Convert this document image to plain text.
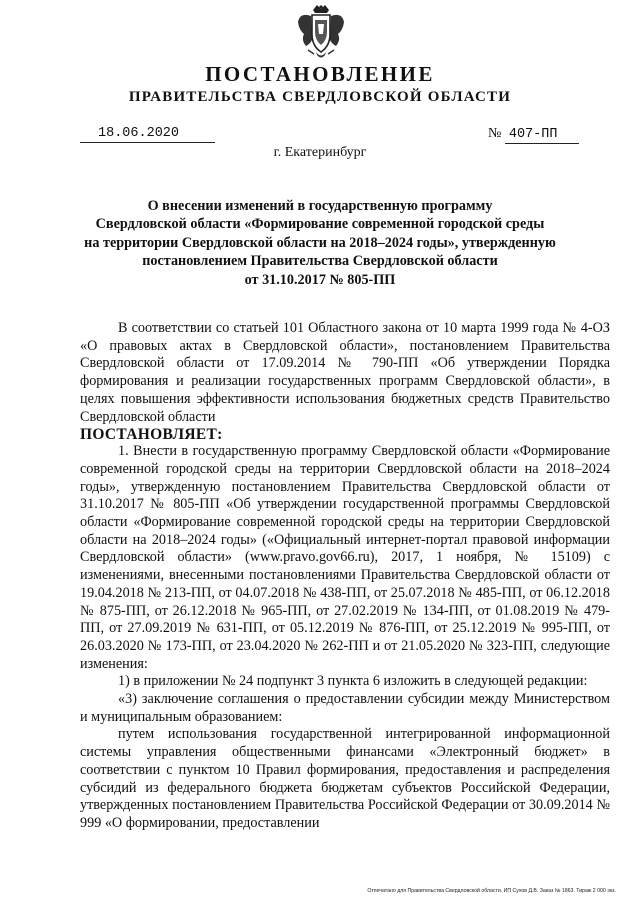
ПОСТАНОВЛЕНИЕ
ПРАВИТЕЛЬСТВА СВЕРДЛОВСКОЙ ОБЛАСТИ
18.06.2020	№ 407-ПП
г. Екатеринбург
О внесении изменений в государственную программу
Свердловской области «Формирование современной городской среды
на территории Свердловской области на 2018–2024 годы», утвержденную
постановлением Правительства Свердловской области
от 31.10.2017 № 805-ПП

В соответствии со статьей 101 Областного закона от 10 марта 1999 года № 4-ОЗ «О правовых актах в Свердловской области», постановлением Правительства Свердловской области от 17.09.2014 № 790-ПП «Об утверждении Порядка формирования и реализации государственных программ Свердловской области», в целях повышения эффективности использования бюджетных средств Правительство Свердловской области

ПОСТАНОВЛЯЕТ:

1. Внести в государственную программу Свердловской области «Формирование современной городской среды на территории Свердловской области на 2018–2024 годы», утвержденную постановлением Правительства Свердловской области от 31.10.2017 № 805-ПП «Об утверждении государственной программы Свердловской области «Формирование современной городской среды на территории Свердловской области на 2018–2024 годы» («Официальный интернет-портал правовой информации Свердловской области» (www.pravo.gov66.ru), 2017, 1 ноября, № 15109) с изменениями, внесенными постановлениями Правительства Свердловской области от 19.04.2018 № 213-ПП, от 04.07.2018 № 438-ПП, от 25.07.2018 № 485-ПП, от 06.12.2018 № 875-ПП, от 26.12.2018 № 965-ПП, от 27.02.2019 № 134-ПП, от 01.08.2019 № 479-ПП, от 27.09.2019 № 631-ПП, от 05.12.2019 № 876-ПП, от 25.12.2019 № 995-ПП, от 26.03.2020 № 173-ПП, от 23.04.2020 № 262-ПП и от 21.05.2020 № 323-ПП, следующие изменения:

1) в приложении № 24 подпункт 3 пункта 6 изложить в следующей редакции:

«3) заключение соглашения о предоставлении субсидии между Министерством и муниципальным образованием:

путем использования государственной интегрированной информационной системы управления общественными финансами «Электронный бюджет» в соответствии с пунктом 10 Правил формирования, предоставления и распределения субсидий из федерального бюджета бюджетам субъектов Российской Федерации, утвержденных постановлением Правительства Российской Федерации от 30.09.2014 № 999 «О формировании, предоставлении

Отпечатано для Правительства Свердловской области. ИП Сухов Д.В. Заказ № 1863. Тираж 2 000 экз.
